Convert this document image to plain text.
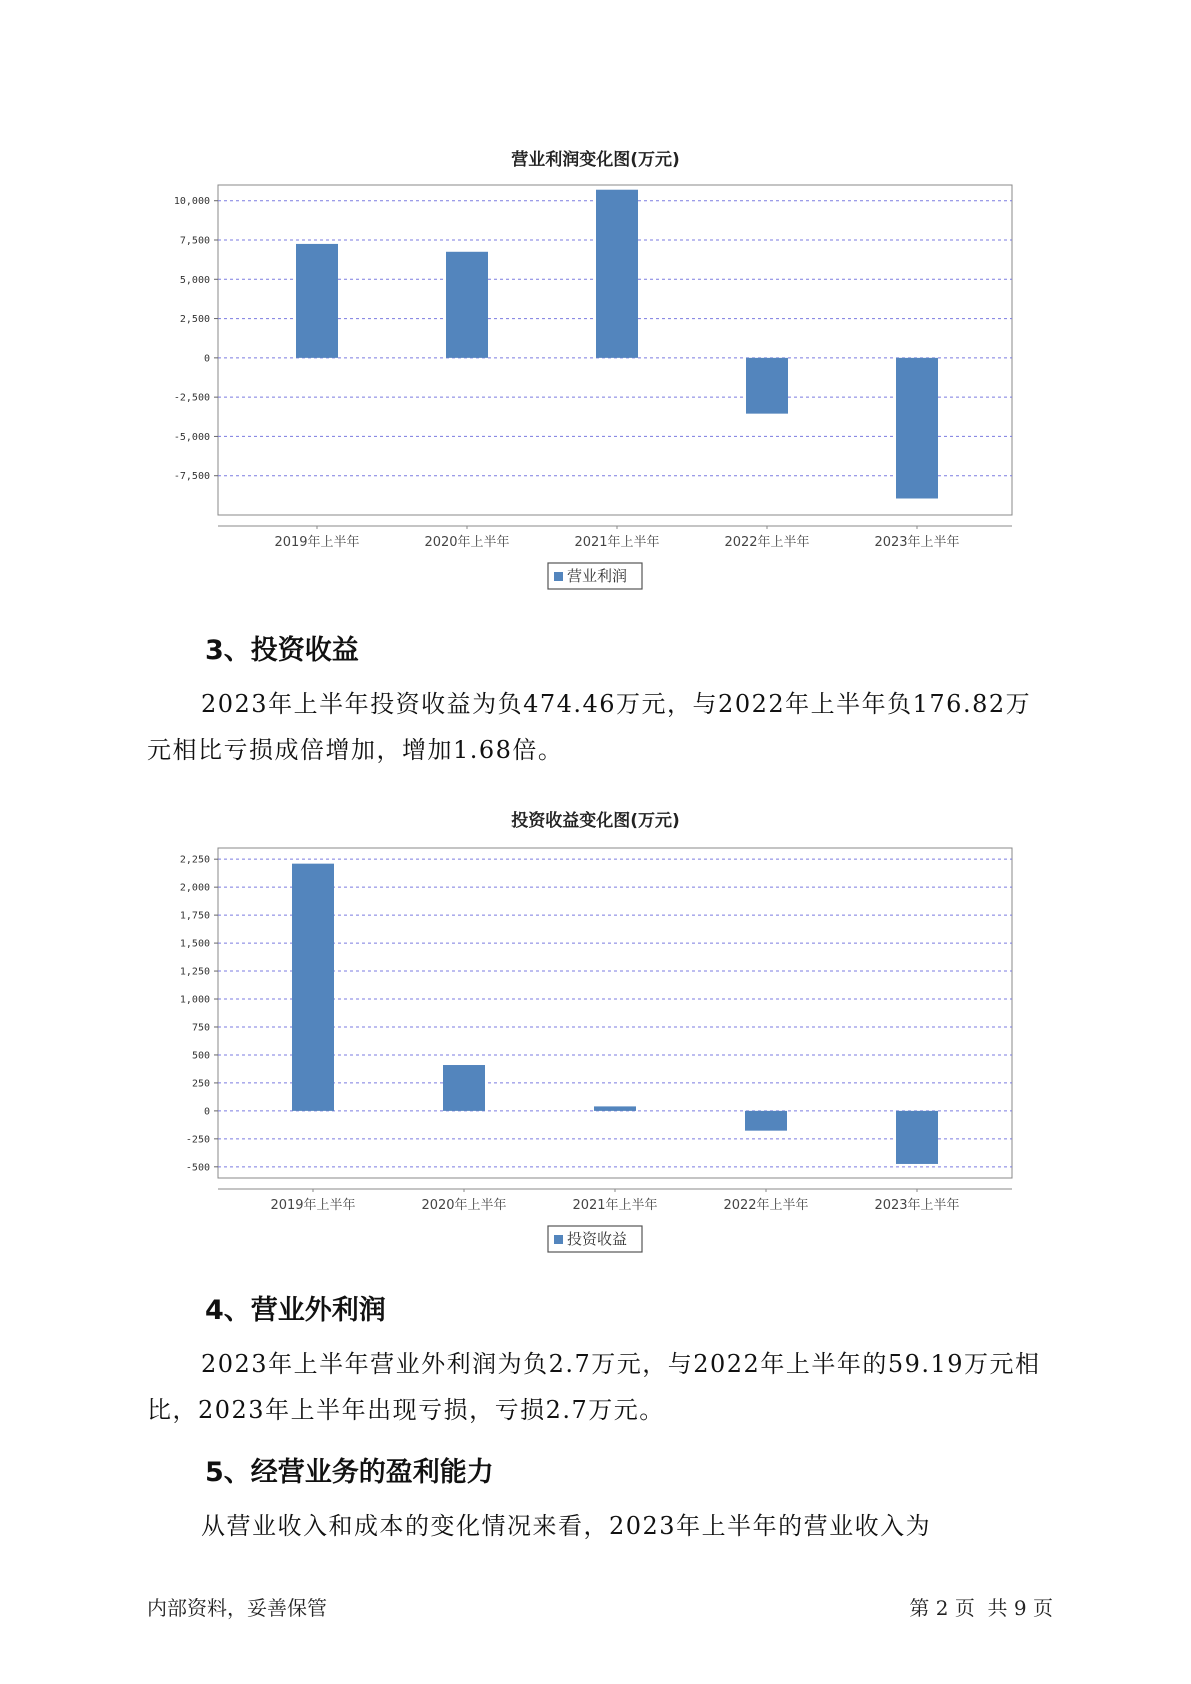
营业利润变化图(万元)
10,000
7,500
5,000
2,500
0
-2,500
-5,000
-7,500
2019年上半年	2020年上半年	2021年上半年	2022年上半年	2023年上半年
营业利润
3、投资收益
2023年上半年投资收益为负474.46万元，与2022年上半年负176.82万元相比亏损成倍增加，增加1.68倍。
投资收益变化图(万元)
2,250
2,000
1,750
1,500
1,250
1,000
750
500
250
0
-250
-500
2019年上半年	2020年上半年	2021年上半年	2022年上半年	2023年上半年
投资收益
4、营业外利润
2023年上半年营业外利润为负2.7万元，与2022年上半年的59.19万元相比，2023年上半年出现亏损，亏损2.7万元。
5、经营业务的盈利能力
从营业收入和成本的变化情况来看，2023年上半年的营业收入为
内部资料，妥善保管	第 2 页  共 9 页
